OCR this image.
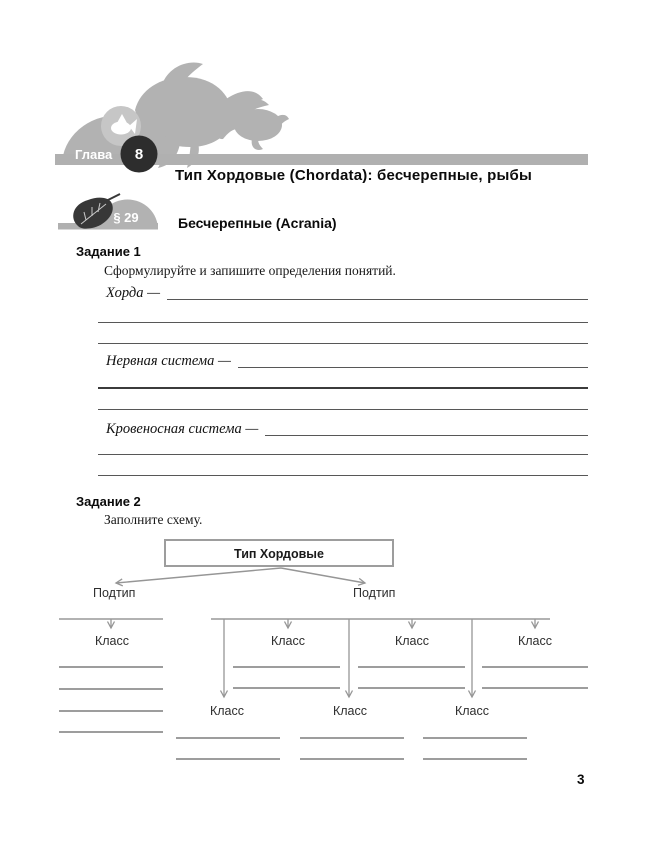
Глава 8
Тип Хордовые (Chordata): бесчерепные, рыбы
§ 29	Бесчерепные (Acrania)
Задание 1
Сформулируйте и запишите определения понятий.
Хорда —
Нервная система —
Кровеносная система —
Задание 2
Заполните схему.
Тип Хордовые
Подтип	Подтип
Класс	Класс	Класс	Класс
Класс	Класс	Класс
3
